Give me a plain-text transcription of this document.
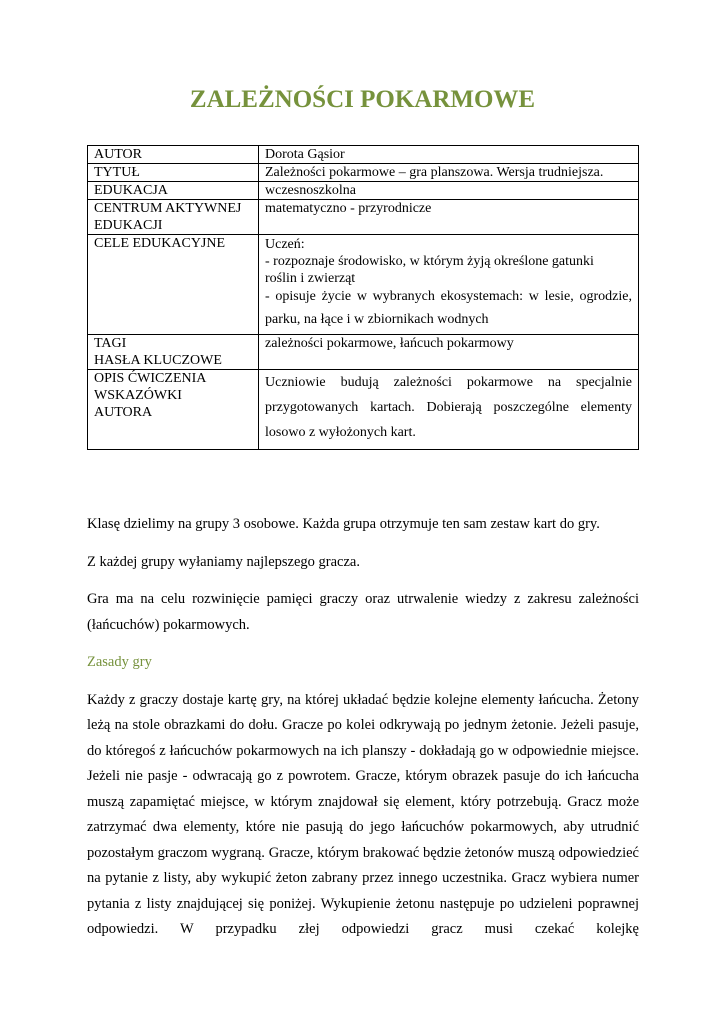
ZALEŻNOŚCI POKARMOWE
AUTOR	Dorota Gąsior
TYTUŁ	Zależności pokarmowe – gra planszowa. Wersja trudniejsza.
EDUKACJA	wczesnoszkolna

CENTRUM AKTYWNEJ
EDUKACJI	matematyczno - przyrodnicze
CELE EDUKACYJNE	Uczeń:
- rozpoznaje środowisko, w którym żyją określone gatunki
roślin i zwierząt
- opisuje życie w wybranych ekosystemach: w lesie, ogrodzie,
parku, na łące i w zbiornikach wodnych

TAGI
HASŁA KLUCZOWE	zależności pokarmowe, łańcuch pokarmowy

OPIS ĆWICZENIA
WSKAZÓWKI
AUTORA	Uczniowie budują zależności pokarmowe na specjalnie przygotowanych kartach. Dobierają poszczególne elementy losowo z wyłożonych kart.

Klasę dzielimy na grupy 3 osobowe. Każda grupa otrzymuje ten sam zestaw kart do gry.

Z każdej grupy wyłaniamy najlepszego gracza.

Gra ma na celu rozwinięcie pamięci graczy oraz utrwalenie wiedzy z zakresu zależności (łańcuchów) pokarmowych.

Zasady gry

Każdy z graczy dostaje kartę gry, na której układać będzie kolejne elementy łańcucha. Żetony leżą na stole obrazkami do dołu. Gracze po kolei odkrywają po jednym żetonie. Jeżeli pasuje, do któregoś z łańcuchów pokarmowych na ich planszy - dokładają go w odpowiednie miejsce. Jeżeli nie pasje - odwracają go z powrotem. Gracze, którym obrazek pasuje do ich łańcucha muszą zapamiętać miejsce, w którym znajdował się element, który potrzebują. Gracz może zatrzymać dwa elementy, które nie pasują do jego łańcuchów pokarmowych, aby utrudnić pozostałym graczom wygraną. Gracze, którym brakować będzie żetonów muszą odpowiedzieć na pytanie z listy, aby wykupić żeton zabrany przez innego uczestnika. Gracz wybiera numer pytania z listy znajdującej się poniżej. Wykupienie żetonu następuje po udzieleni poprawnej odpowiedzi. W przypadku złej odpowiedzi gracz musi czekać kolejkę
